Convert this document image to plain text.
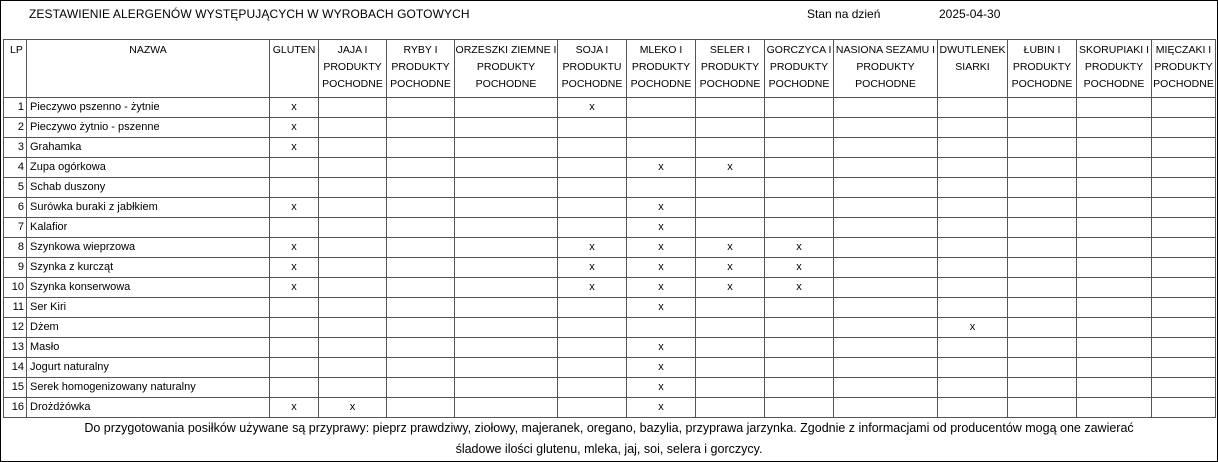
ZESTAWIENIE ALERGENÓW WYSTĘPUJĄCYCH W WYROBACH GOTOWYCH	Stan na dzień	2025-04-30
LP	NAZWA	GLUTEN	JAJA I PRODUKTY POCHODNE	RYBY I PRODUKTY POCHODNE	ORZESZKI ZIEMNE I PRODUKTY POCHODNE	SOJA I PRODUKTU POCHODNE	MLEKO I PRODUKTY POCHODNE	SELER I PRODUKTY POCHODNE	GORCZYCA I PRODUKTY POCHODNE	NASIONA SEZAMU I PRODUKTY POCHODNE	DWUTLENEK SIARKI	ŁUBIN I PRODUKTY POCHODNE	SKORUPIAKI I PRODUKTY POCHODNE	MIĘCZAKI I PRODUKTY POCHODNE
1	Pieczywo pszenno - żytnie	x				x								
2	Pieczywo żytnio - pszenne	x												
3	Grahamka	x												
4	Zupa ogórkowa						x	x						
5	Schab duszony													
6	Surówka buraki z jabłkiem	x					x							
7	Kalafior						x							
8	Szynkowa wieprzowa	x				x	x	x	x					
9	Szynka z kurcząt	x				x	x	x	x					
10	Szynka konserwowa	x				x	x	x	x					
11	Ser Kiri						x							
12	Dżem										x			
13	Masło						x							
14	Jogurt naturalny						x							
15	Serek homogenizowany naturalny						x							
16	Drożdżówka	x	x				x							
Do przygotowania posiłków używane są przyprawy: pieprz prawdziwy, ziołowy, majeranek, oregano, bazylia, przyprawa jarzynka. Zgodnie z informacjami od producentów mogą one zawierać
śladowe ilości glutenu, mleka, jaj, soi, selera i gorczycy.
